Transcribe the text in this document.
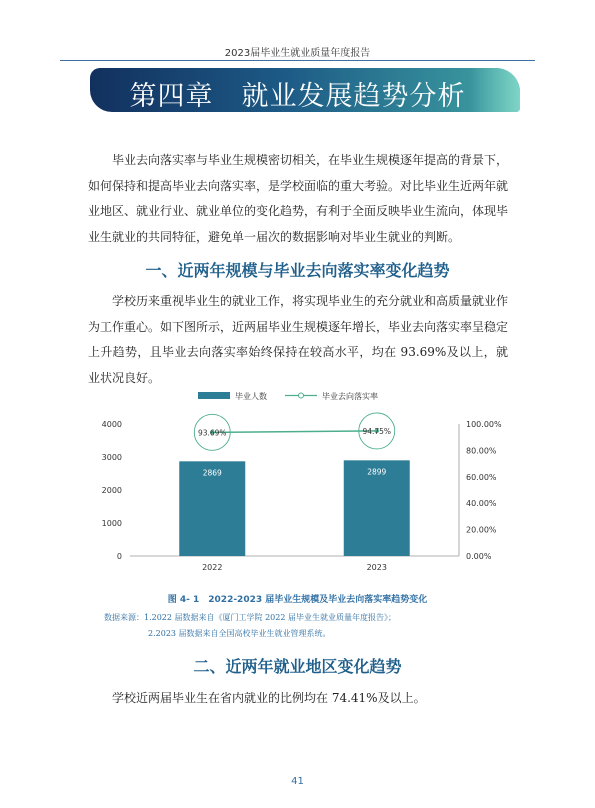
2023届毕业生就业质量年度报告
第四章　就业发展趋势分析

毕业去向落实率与毕业生规模密切相关，在毕业生规模逐年提高的背景下，如何保持和提高毕业去向落实率，是学校面临的重大考验。对比毕业生近两年就业地区、就业行业、就业单位的变化趋势，有利于全面反映毕业生流向，体现毕业生就业的共同特征，避免单一届次的数据影响对毕业生就业的判断。

一、近两年规模与毕业去向落实率变化趋势

学校历来重视毕业生的就业工作，将实现毕业生的充分就业和高质量就业作为工作重心。如下图所示，近两届毕业生规模逐年增长，毕业去向落实率呈稳定上升趋势，且毕业去向落实率始终保持在较高水平，均在 93.69%及以上，就业状况良好。

毕业人数	毕业去向落实率
0
1000
2000
3000
4000
0.00%
20.00%
40.00%
60.00%
80.00%
100.00%
2869	2899
93.69%	94.75%
2022	2023
图 4- 1　2022-2023 届毕业生规模及毕业去向落实率趋势变化

数据来源：1.2022 届数据来自《厦门工学院 2022 届毕业生就业质量年度报告》；

2.2023 届数据来自全国高校毕业生就业管理系统。

二、近两年就业地区变化趋势

学校近两届毕业生在省内就业的比例均在 74.41%及以上。

41
